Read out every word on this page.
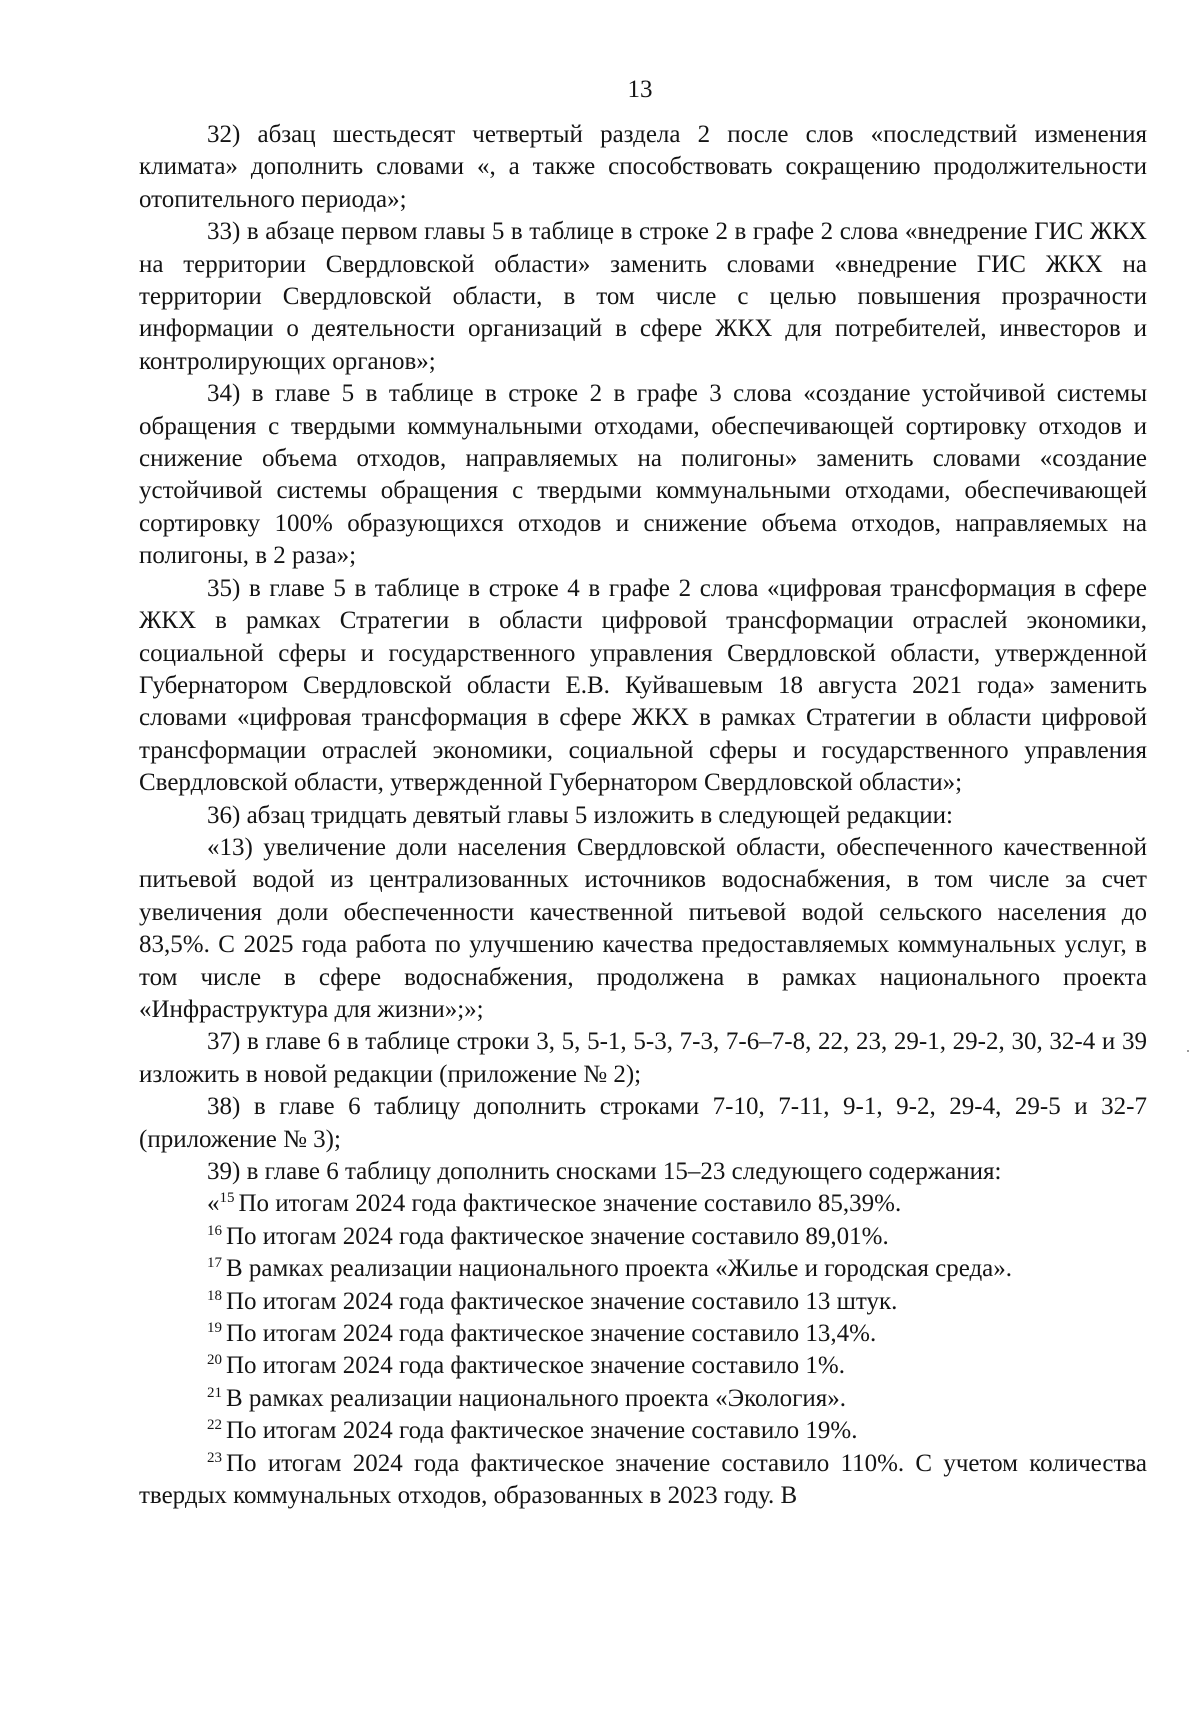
13

32) абзац шестьдесят четвертый раздела 2 после слов «последствий изменения климата» дополнить словами «, а также способствовать сокращению продолжительности отопительного периода»;

33) в абзаце первом главы 5 в таблице в строке 2 в графе 2 слова «внедрение ГИС ЖКХ на территории Свердловской области» заменить словами «внедрение ГИС ЖКХ на территории Свердловской области, в том числе с целью повышения прозрачности информации о деятельности организаций в сфере ЖКХ для потребителей, инвесторов и контролирующих органов»;

34) в главе 5 в таблице в строке 2 в графе 3 слова «создание устойчивой системы обращения с твердыми коммунальными отходами, обеспечивающей сортировку отходов и снижение объема отходов, направляемых на полигоны» заменить словами «создание устойчивой системы обращения с твердыми коммунальными отходами, обеспечивающей сортировку 100% образующихся отходов и снижение объема отходов, направляемых на полигоны, в 2 раза»;

35) в главе 5 в таблице в строке 4 в графе 2 слова «цифровая трансформация в сфере ЖКХ в рамках Стратегии в области цифровой трансформации отраслей экономики, социальной сферы и государственного управления Свердловской области, утвержденной Губернатором Свердловской области Е.В. Куйвашевым 18 августа 2021 года» заменить словами «цифровая трансформация в сфере ЖКХ в рамках Стратегии в области цифровой трансформации отраслей экономики, социальной сферы и государственного управления Свердловской области, утвержденной Губернатором Свердловской области»;

36) абзац тридцать девятый главы 5 изложить в следующей редакции:

«13) увеличение доли населения Свердловской области, обеспеченного качественной питьевой водой из централизованных источников водоснабжения, в том числе за счет увеличения доли обеспеченности качественной питьевой водой сельского населения до 83,5%. С 2025 года работа по улучшению качества предоставляемых коммунальных услуг, в том числе в сфере водоснабжения, продолжена в рамках национального проекта «Инфраструктура для жизни»;»;

37) в главе 6 в таблице строки 3, 5, 5-1, 5-3, 7-3, 7-6–7-8, 22, 23, 29-1, 29-2, 30, 32-4 и 39 изложить в новой редакции (приложение № 2);

38) в главе 6 таблицу дополнить строками 7-10, 7-11, 9-1, 9-2, 29-4, 29-5 и 32-7 (приложение № 3);

39) в главе 6 таблицу дополнить сносками 15–23 следующего содержания:

«$^{15}$ По итогам 2024 года фактическое значение составило 85,39%.

$^{16}$ По итогам 2024 года фактическое значение составило 89,01%.

$^{17}$ В рамках реализации национального проекта «Жилье и городская среда».

$^{18}$ По итогам 2024 года фактическое значение составило 13 штук.

$^{19}$ По итогам 2024 года фактическое значение составило 13,4%.

$^{20}$ По итогам 2024 года фактическое значение составило 1%.

$^{21}$ В рамках реализации национального проекта «Экология».

$^{22}$ По итогам 2024 года фактическое значение составило 19%.

$^{23}$ По итогам 2024 года фактическое значение составило 110%. С учетом количества твердых коммунальных отходов, образованных в 2023 году. В
